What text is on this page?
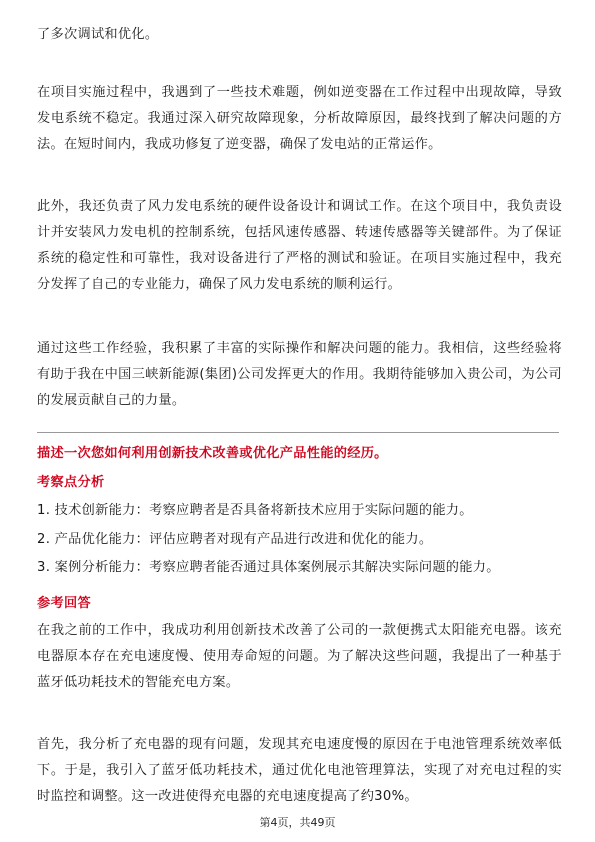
了多次调试和优化。

在项目实施过程中，我遇到了一些技术难题，例如逆变器在工作过程中出现故障，导致发电系统不稳定。我通过深入研究故障现象，分析故障原因，最终找到了解决问题的方法。在短时间内，我成功修复了逆变器，确保了发电站的正常运作。

此外，我还负责了风力发电系统的硬件设备设计和调试工作。在这个项目中，我负责设计并安装风力发电机的控制系统，包括风速传感器、转速传感器等关键部件。为了保证系统的稳定性和可靠性，我对设备进行了严格的测试和验证。在项目实施过程中，我充分发挥了自己的专业能力，确保了风力发电系统的顺利运行。

通过这些工作经验，我积累了丰富的实际操作和解决问题的能力。我相信，这些经验将有助于我在中国三峡新能源(集团)公司发挥更大的作用。我期待能够加入贵公司，为公司的发展贡献自己的力量。

描述一次您如何利用创新技术改善或优化产品性能的经历。

考察点分析

1. 技术创新能力：考察应聘者是否具备将新技术应用于实际问题的能力。

2. 产品优化能力：评估应聘者对现有产品进行改进和优化的能力。

3. 案例分析能力：考察应聘者能否通过具体案例展示其解决实际问题的能力。

参考回答

在我之前的工作中，我成功利用创新技术改善了公司的一款便携式太阳能充电器。该充电器原本存在充电速度慢、使用寿命短的问题。为了解决这些问题，我提出了一种基于蓝牙低功耗技术的智能充电方案。

首先，我分析了充电器的现有问题，发现其充电速度慢的原因在于电池管理系统效率低下。于是，我引入了蓝牙低功耗技术，通过优化电池管理算法，实现了对充电过程的实时监控和调整。这一改进使得充电器的充电速度提高了约30%。

第4页，共49页
